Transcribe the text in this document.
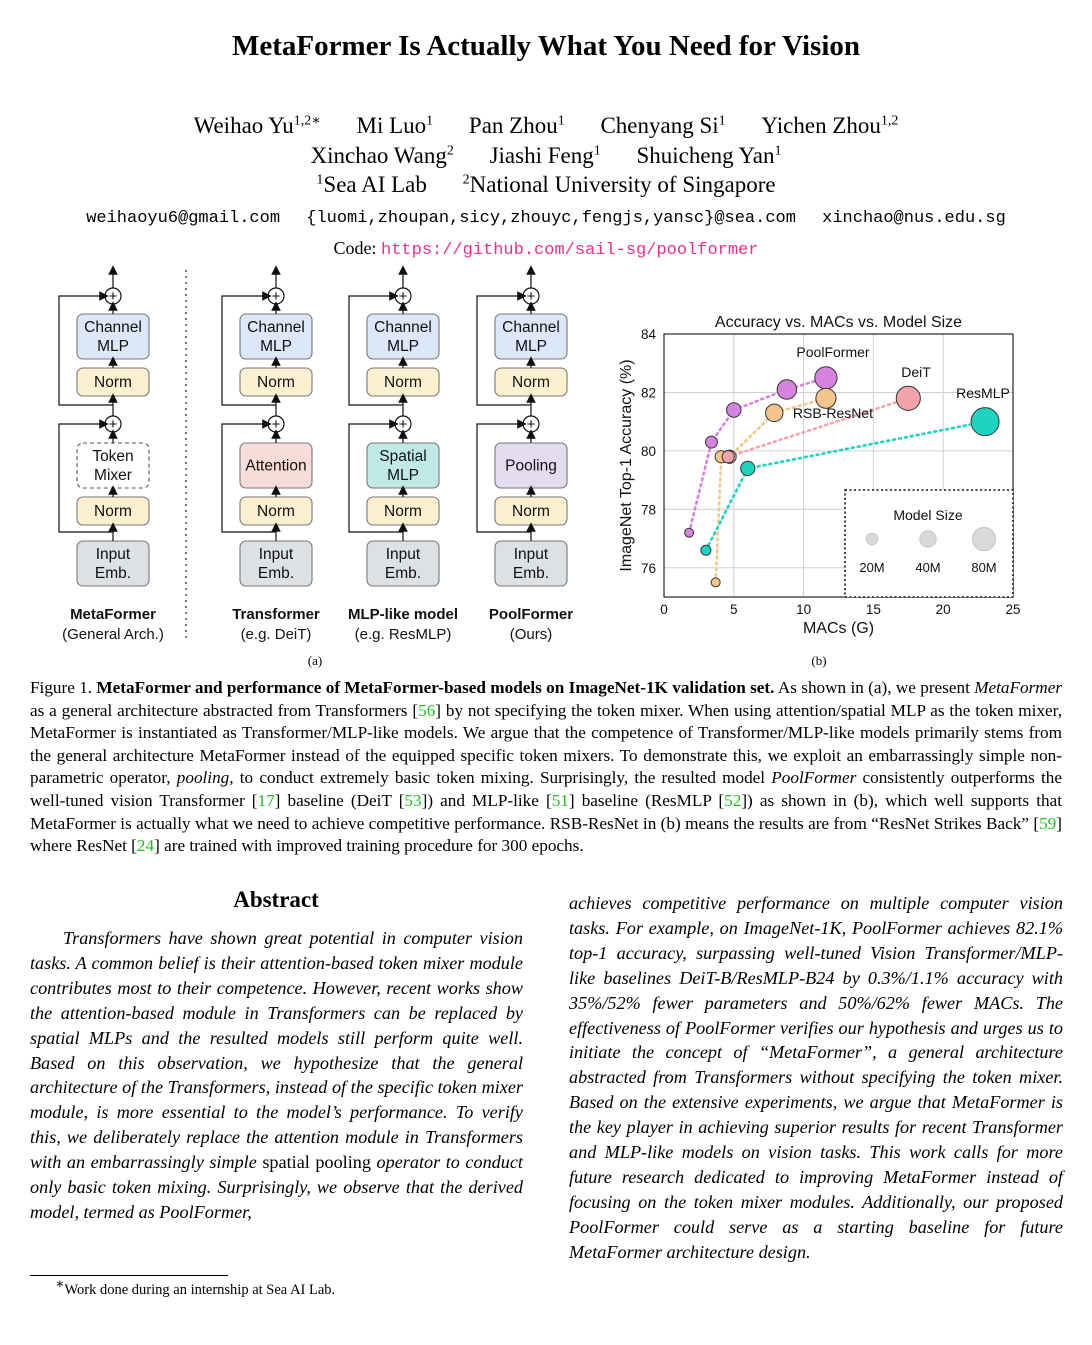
MetaFormer Is Actually What You Need for Vision
Weihao $Yu^{1,2∗}$ Mi Luo$^1$ Pan Zhou$^1$ Chenyang Si$^1$ Yichen Zhou$^{1,2}$
Xinchao Wang$^2$ Jiashi Feng$^1$ Shuicheng Yan$^1$
$^1$Sea AI Lab	$^2$National University of Singapore
weihaoyu6@gmail.com {luomi,zhoupan,sicy,zhouyc,fengjs,yansc}@sea.com xinchao@nus.edu.sg
Code: https://github.com/sail-sg/poolformer
Input
Emb.
Norm
Token
Mixer
Norm
Channel
MLP
+
+
MetaFormer
(General Arch.)
Input
Emb.
Norm
Attention
Norm
Channel
MLP
+
+
Transformer
(e.g. DeiT)
Input
Emb.
Norm
Spatial
MLP
Norm
Channel
MLP
+
+
MLP-like model
(e.g. ResMLP)
Input
Emb.
Norm
Pooling
Norm
Channel
MLP
+
+
PoolFormer
(Ours)
(a)
0	5	10	15	20	25
76
78
80
82
84
Accuracy vs. MACs vs. Model Size
MACs (G)
ImageNet Top-1 Accuracy (%)	Model Size
20M 40M 80M
PoolFormer
RSB-ResNet
DeiT
ResMLP
(b)
Figure 1. MetaFormer and performance of MetaFormer-based models on ImageNet-1K validation set. As shown in (a), we present MetaFormer as a general architecture abstracted from Transformers [56] by not specifying the token mixer. When using attention/spatial MLP as the token mixer, MetaFormer is instantiated as Transformer/MLP-like models. We argue that the competence of Transformer/MLP-like models primarily stems from the general architecture MetaFormer instead of the equipped specific token mixers. To demonstrate this, we exploit an embarrassingly simple non-parametric operator, pooling, to conduct extremely basic token mixing. Surprisingly, the resulted model PoolFormer consistently outperforms the well-tuned vision Transformer [17] baseline (DeiT [53]) and MLP-like [51] baseline (ResMLP [52]) as shown in (b), which well supports that MetaFormer is actually what we need to achieve competitive performance. RSB-ResNet in (b) means the results are from “ResNet Strikes Back” [59] where ResNet [24] are trained with improved training procedure for 300 epochs.
Abstract
Transformers have shown great potential in computer vision tasks. A common belief is their attention-based token mixer module contributes most to their competence. However, recent works show the attention-based module in Transformers can be replaced by spatial MLPs and the resulted models still perform quite well. Based on this observation, we hypothesize that the general architecture of the Transformers, instead of the specific token mixer module, is more essential to the model’s performance. To verify this, we deliberately replace the attention module in Transformers with an embarrassingly simple spatial pooling operator to conduct only basic token mixing. Surprisingly, we observe that the derived model, termed as PoolFormer,
achieves competitive performance on multiple computer vision tasks. For example, on ImageNet-1K, PoolFormer achieves 82.1% top-1 accuracy, surpassing well-tuned Vision Transformer/MLP-like baselines DeiT-B/ResMLP-B24 by 0.3%/1.1% accuracy with 35%/52% fewer parameters and 50%/62% fewer MACs. The effectiveness of PoolFormer verifies our hypothesis and urges us to initiate the concept of “MetaFormer”, a general architecture abstracted from Transformers without specifying the token mixer. Based on the extensive experiments, we argue that MetaFormer is the key player in achieving superior results for recent Transformer and MLP-like models on vision tasks. This work calls for more future research dedicated to improving MetaFormer instead of focusing on the token mixer modules. Additionally, our proposed PoolFormer could serve as a starting baseline for future MetaFormer architecture design.
∗Work done during an internship at Sea AI Lab.
